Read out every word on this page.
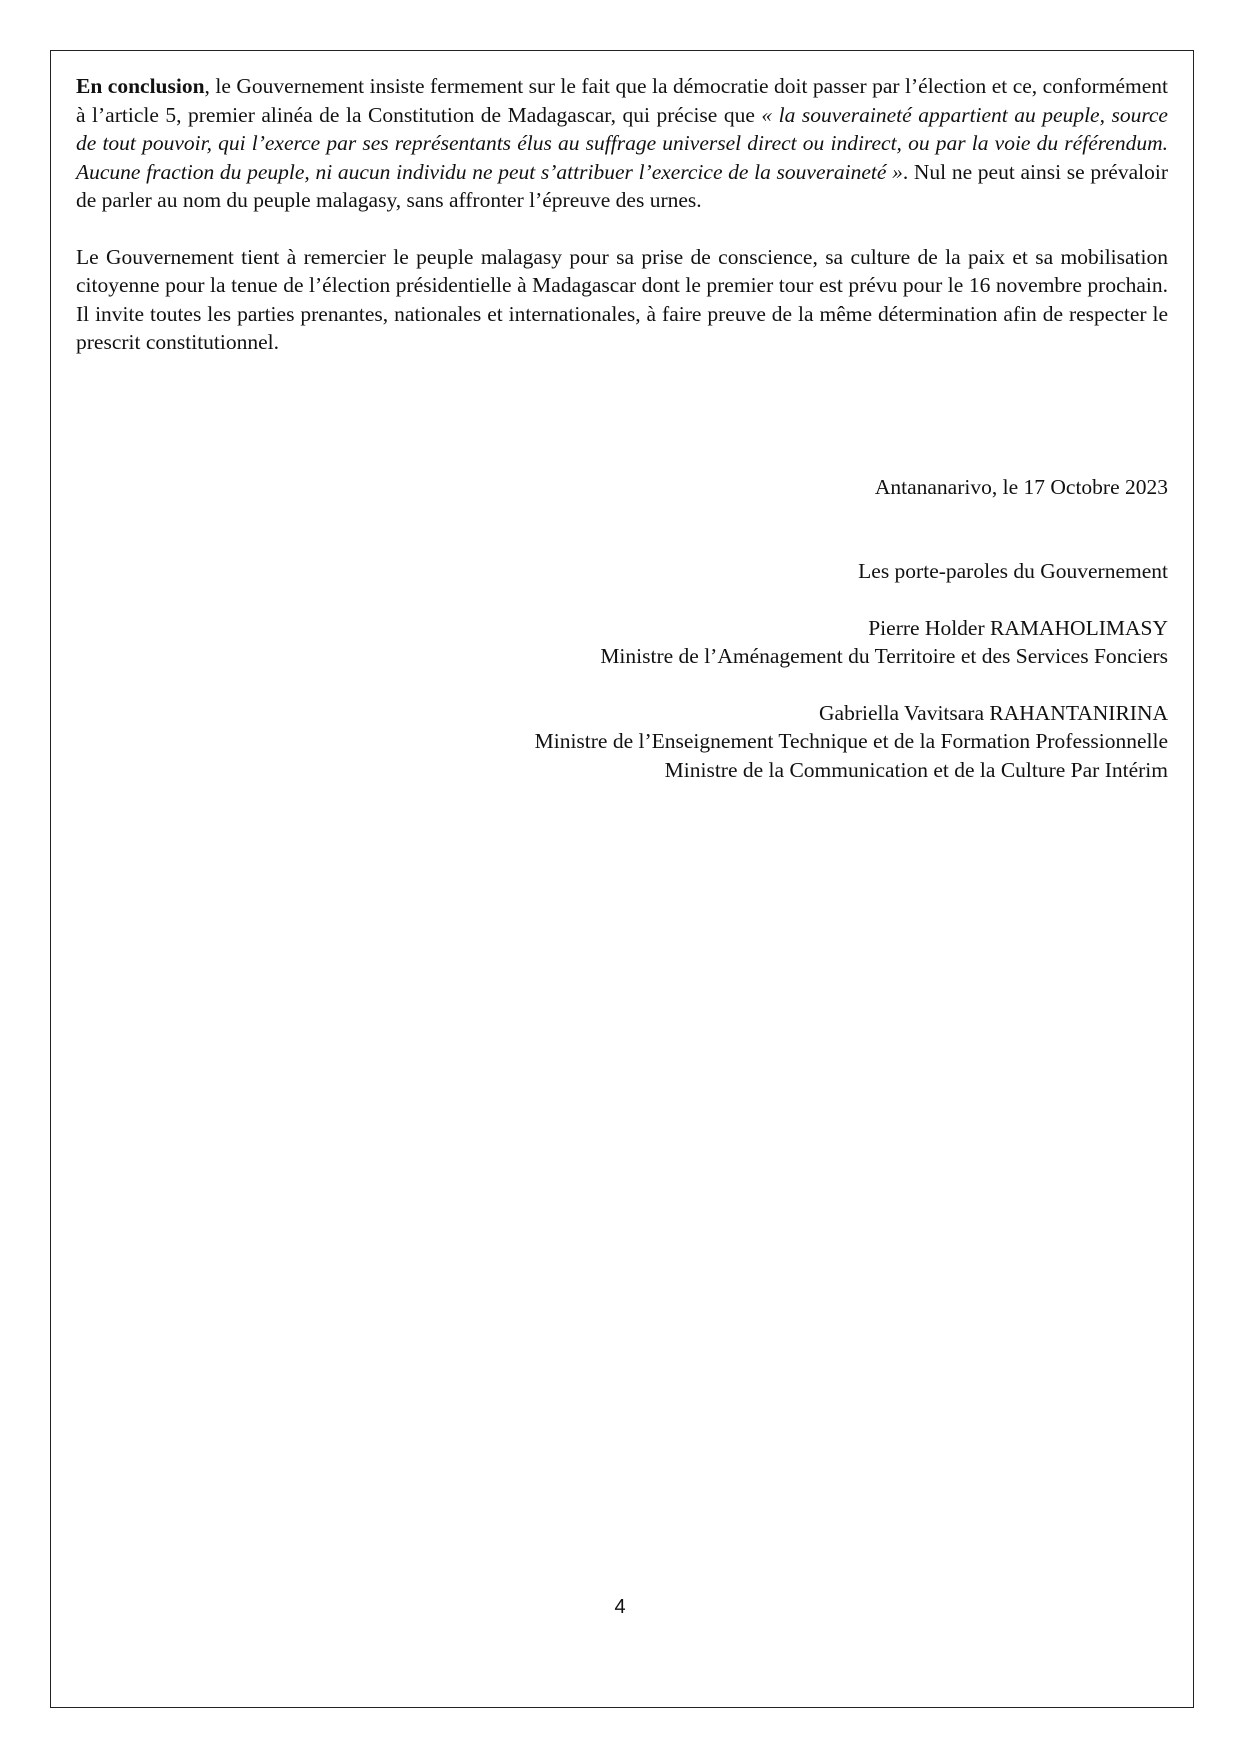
En conclusion, le Gouvernement insiste fermement sur le fait que la démocratie doit passer par l’élection et ce, conformément à l’article 5, premier alinéa de la Constitution de Madagascar, qui précise que « la souveraineté appartient au peuple, source de tout pouvoir, qui l’exerce par ses représentants élus au suffrage universel direct ou indirect, ou par la voie du référendum. Aucune fraction du peuple, ni aucun individu ne peut s’attribuer l’exercice de la souveraineté ». Nul ne peut ainsi se prévaloir de parler au nom du peuple malagasy, sans affronter l’épreuve des urnes.

Le Gouvernement tient à remercier le peuple malagasy pour sa prise de conscience, sa culture de la paix et sa mobilisation citoyenne pour la tenue de l’élection présidentielle à Madagascar dont le premier tour est prévu pour le 16 novembre prochain. Il invite toutes les parties prenantes, nationales et internationales, à faire preuve de la même détermination afin de respecter le prescrit constitutionnel.

Antananarivo, le 17 Octobre 2023
Les porte-paroles du Gouvernement
Pierre Holder RAMAHOLIMASY
Ministre de l’Aménagement du Territoire et des Services Fonciers
Gabriella Vavitsara RAHANTANIRINA
Ministre de l’Enseignement Technique et de la Formation Professionnelle
Ministre de la Communication et de la Culture Par Intérim
4
